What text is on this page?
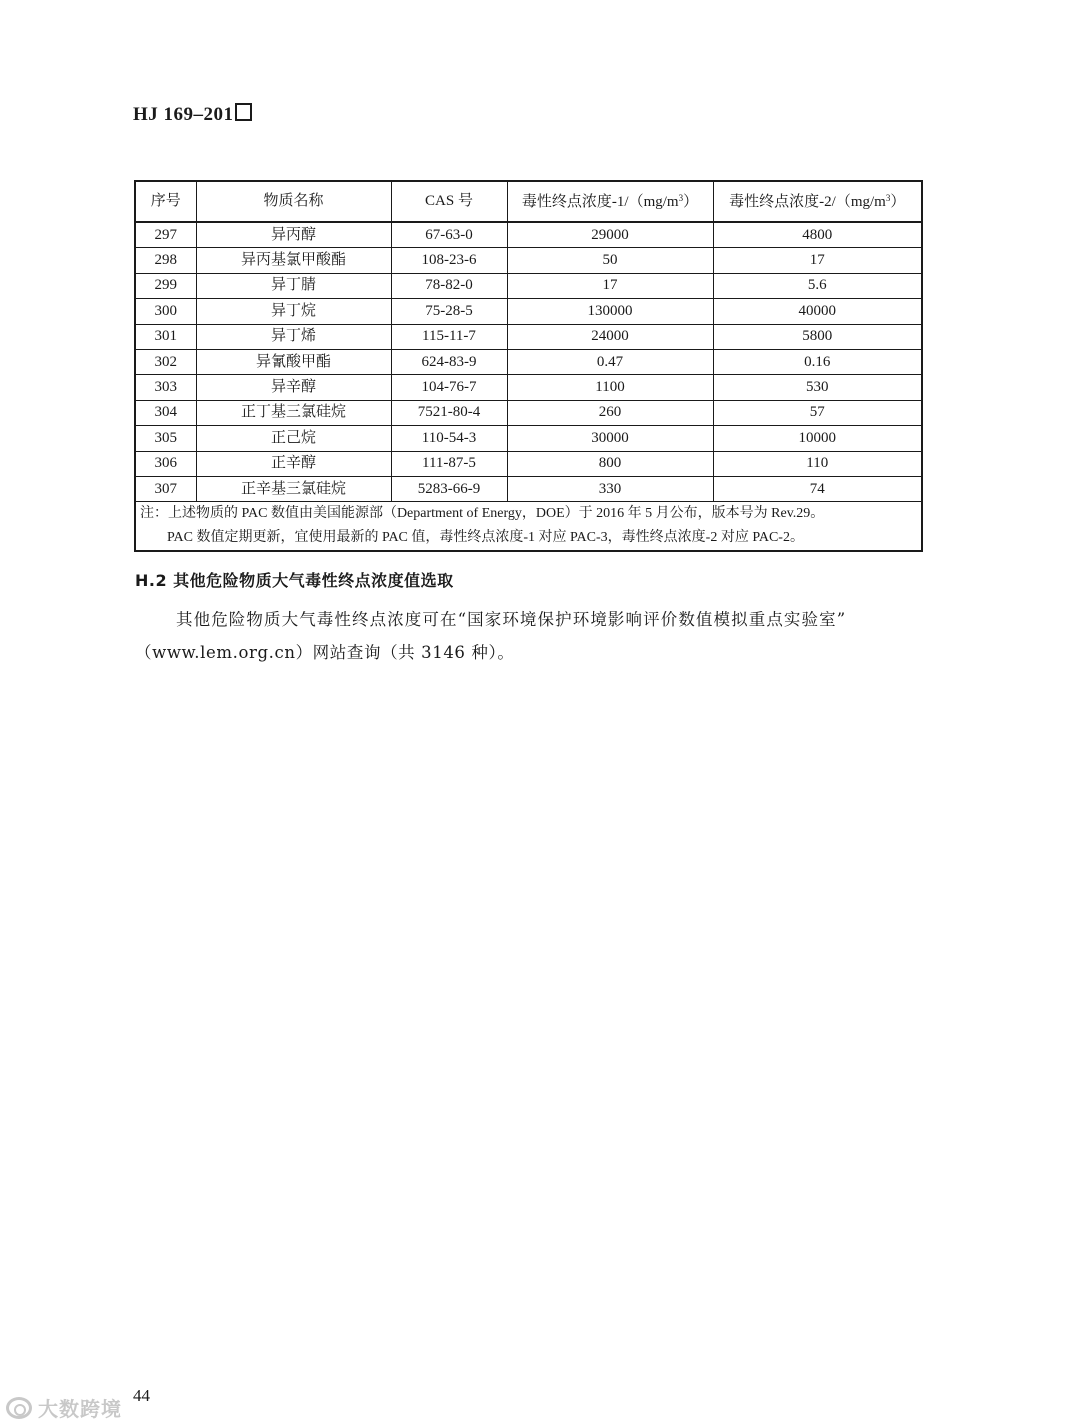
HJ 169–201
序号	物质名称	CAS 号	毒性终点浓度$-1/(mg/m^3)$	毒性终点浓度$-2/(mg/m^3)$
297	异丙醇	67-63-0	29000	4800
298	异丙基氯甲酸酯	108-23-6	50	17
299	异丁腈	78-82-0	17	5.6
300	异丁烷	75-28-5	130000	40000
301	异丁烯	115-11-7	24000	5800
302	异氰酸甲酯	624-83-9	0.47	0.16
303	异辛醇	104-76-7	1100	530
304	正丁基三氯硅烷	7521-80-4	260	57
305	正己烷	110-54-3	30000	10000
306	正辛醇	111-87-5	800	110
307	正辛基三氯硅烷	5283-66-9	330	74

注：上述物质的 PAC 数值由美国能源部（Department of Energy，DOE）于 2016 年 5 月公布，版本号为 Rev.29。
PAC 数值定期更新，宜使用最新的 PAC 值，毒性终点浓度-1 对应 PAC-3，毒性终点浓度-2 对应 PAC-2。				
H.2 其他危险物质大气毒性终点浓度值选取
其他危险物质大气毒性终点浓度可在“国家环境保护环境影响评价数值模拟重点实验室”
（www.lem.org.cn）网站查询（共 3146 种）。
44
大数跨境
